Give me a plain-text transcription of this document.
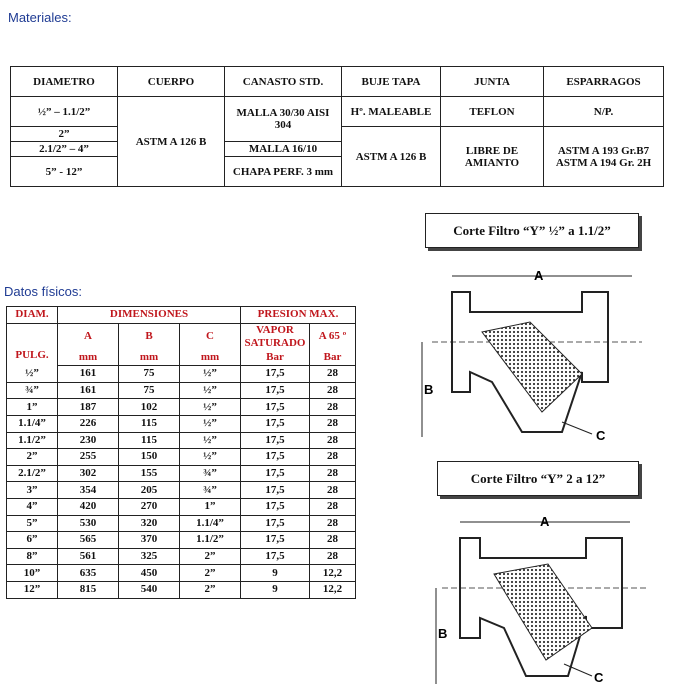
Materiales:
DIAMETRO	CUERPO	CANASTO STD.	BUJE TAPA	JUNTA	ESPARRAGOS
½” – 1.1/2”	ASTM A 126 B	MALLA 30/30 AISI 304	Hº. MALEABLE	TEFLON	N/P.
2”			ASTM A 126 B	LIBRE DE AMIANTO	ASTM A 193 Gr.B7 ASTM A 194 Gr. 2H
2.1/2” – 4”		MALLA 16/10			
5” - 12”		CHAPA PERF. 3 mm			
Datos físicos:
DIAM.	DIMENSIONES			PRESION MAX.	
PULG.	A	B	C	VAPOR SATURADO	A 65 º
	mm	mm	mm	Bar	Bar
½”	161	75	½”	17,5	28
¾”	161	75	½”	17,5	28
1”	187	102	½”	17,5	28
1.1/4”	226	115	½”	17,5	28
1.1/2”	230	115	½”	17,5	28
2”	255	150	½”	17,5	28
2.1/2”	302	155	¾”	17,5	28
3”	354	205	¾”	17,5	28
4”	420	270	1”	17,5	28
5”	530	320	1.1/4”	17,5	28
6”	565	370	1.1/2”	17,5	28
8”	561	325	2”	17,5	28
10”	635	450	2”	9	12,2
12”	815	540	2”	9	12,2
Corte Filtro “Y” ½” a 1.1/2”
Corte Filtro “Y” 2 a 12”
A
B
C
A
B
C
